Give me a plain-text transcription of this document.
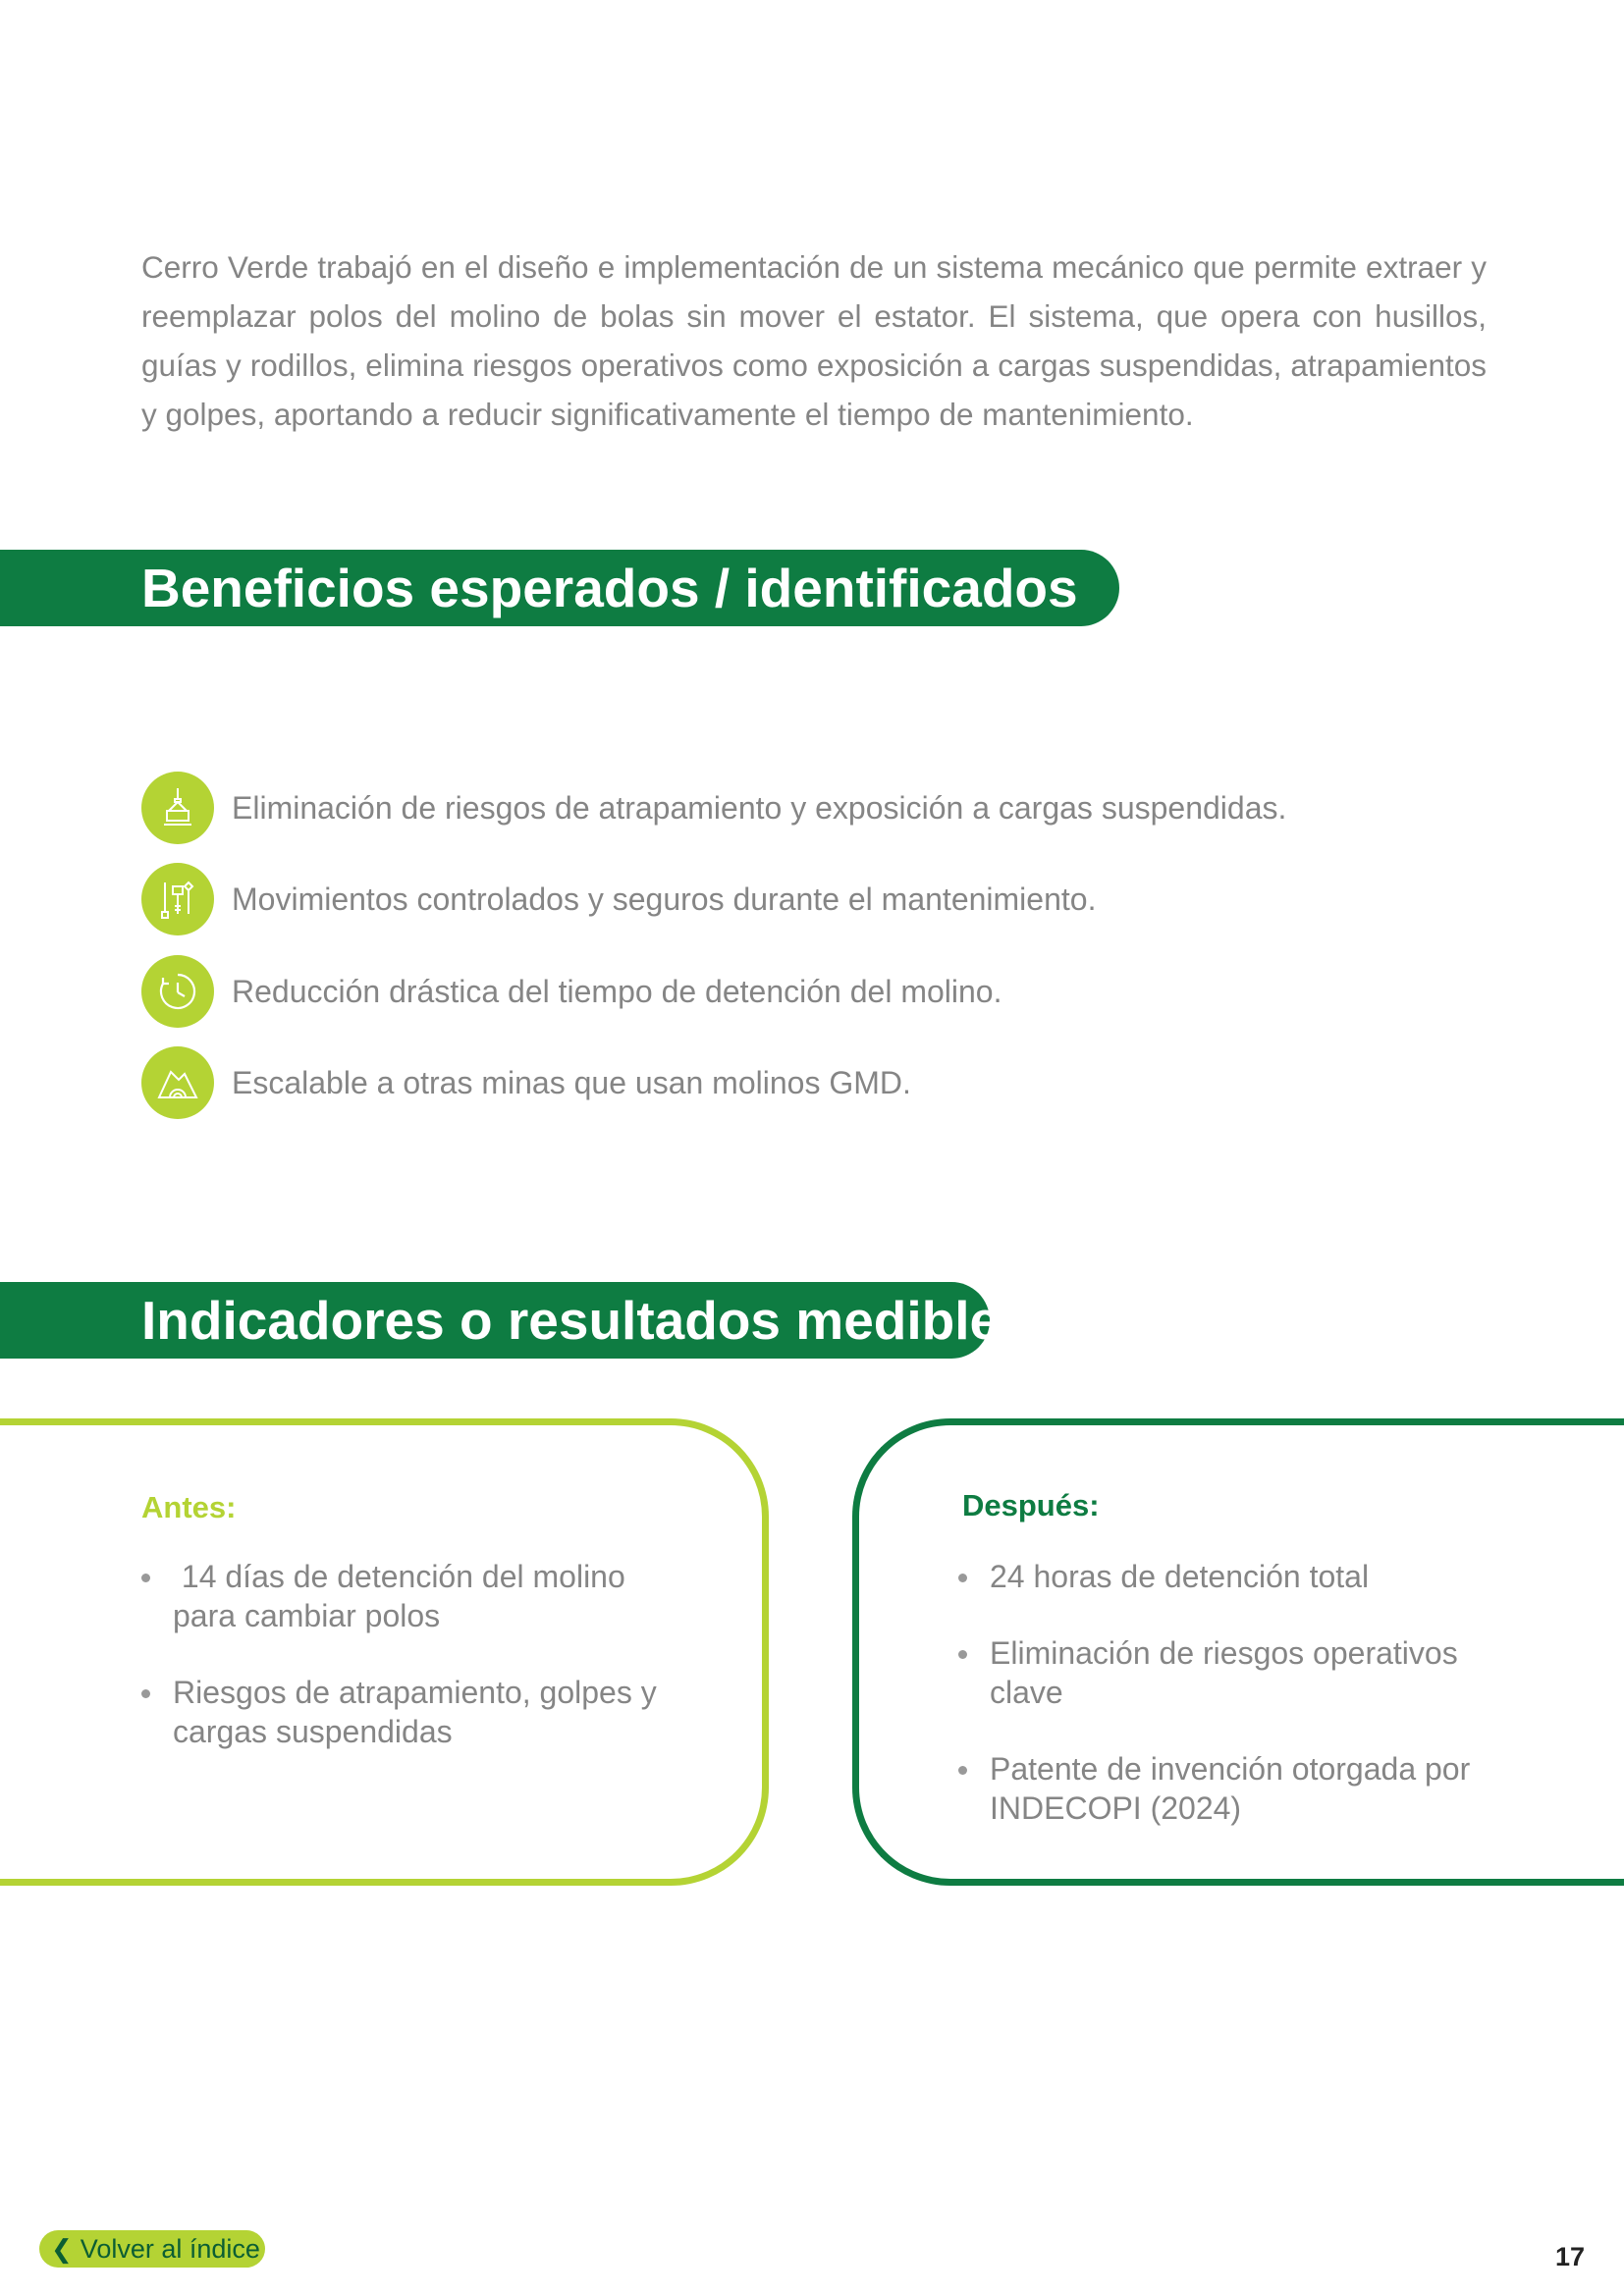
Cerro Verde trabajó en el diseño e implementación de un sistema mecánico que permite extraer y reemplazar polos del molino de bolas sin mover el estator. El sistema, que opera con husillos, guías y rodillos, elimina riesgos operativos como exposición a cargas suspendidas, atrapamientos y golpes, aportando a reducir significativamente el tiempo de mantenimiento.

Beneficios esperados / identificados
Eliminación de riesgos de atrapamiento y exposición a cargas suspendidas.
Movimientos controlados y seguros durante el mantenimiento.
Reducción drástica del tiempo de detención del molino.
Escalable a otras minas que usan molinos GMD.
Indicadores o resultados medibles
Antes:
14 días de detención del molino para cambiar polos
Riesgos de atrapamiento, golpes y cargas suspendidas
Después:
24 horas de detención total
Eliminación de riesgos operativos clave
Patente de invención otorgada por INDECOPI (2024)
❮ Volver al índice	17
